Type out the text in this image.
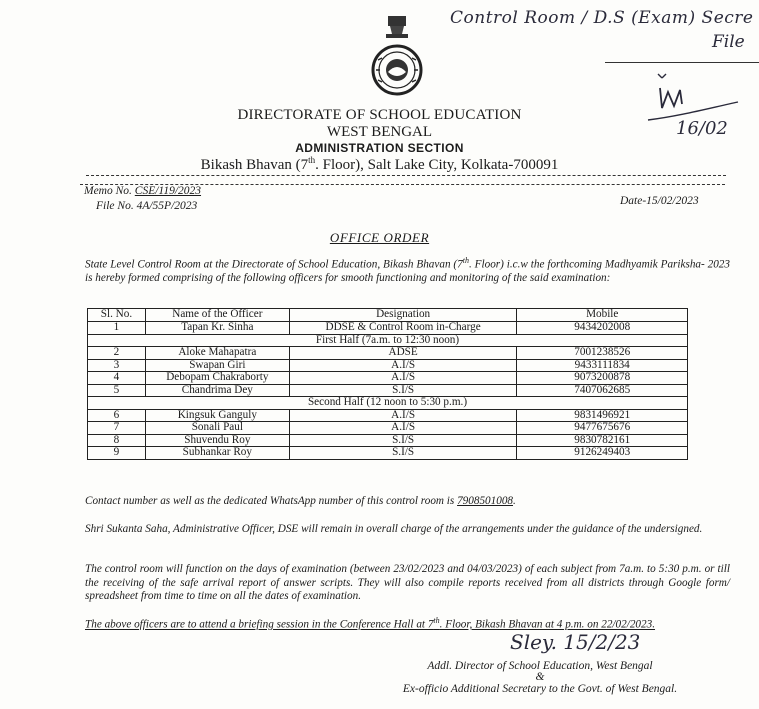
Control Room / D.S (Exam) Secre
File
16/02
DIRECTORATE OF SCHOOL EDUCATION
WEST BENGAL
ADMINISTRATION SECTION
Bikash Bhavan (7th. Floor), Salt Lake City, Kolkata-700091
Memo No. CSE/119/2023
File No. 4A/55P/2023	Date-15/02/2023
OFFICE ORDER
State Level Control Room at the Directorate of School Education, Bikash Bhavan (7th. Floor) i.c.w the forthcoming Madhyamik Pariksha- 2023 is hereby formed comprising of the following officers for smooth functioning and monitoring of the said examination:
Sl. No.	Name of the Officer	Designation	Mobile
1	Tapan Kr. Sinha	DDSE & Control Room in-Charge	9434202008
First Half (7a.m. to 12:30 noon)			
2	Aloke Mahapatra	ADSE	7001238526
3	Swapan Giri	A.I/S	9433111834
4	Debopam Chakraborty	A.I/S	9073200878
5	Chandrima Dey	S.I/S	7407062685
Second Half (12 noon to 5:30 p.m.)			
6	Kingsuk Ganguly	A.I/S	9831496921
7	Sonali Paul	A.I/S	9477675676
8	Shuvendu Roy	S.I/S	9830782161
9	Subhankar Roy	S.I/S	9126249403
Contact number as well as the dedicated WhatsApp number of this control room is 7908501008.
Shri Sukanta Saha, Administrative Officer, DSE will remain in overall charge of the arrangements under the guidance of the undersigned.
The control room will function on the days of examination (between 23/02/2023 and 04/03/2023) of each subject from 7a.m. to 5:30 p.m. or till the receiving of the safe arrival report of answer scripts. They will also compile reports received from all districts through Google form/ spreadsheet from time to time on all the dates of examination.
The above officers are to attend a briefing session in the Conference Hall at 7th. Floor, Bikash Bhavan at 4 p.m. on 22/02/2023.
Sley. 15/2/23
Addl. Director of School Education, West Bengal
&
Ex-officio Additional Secretary to the Govt. of West Bengal.
